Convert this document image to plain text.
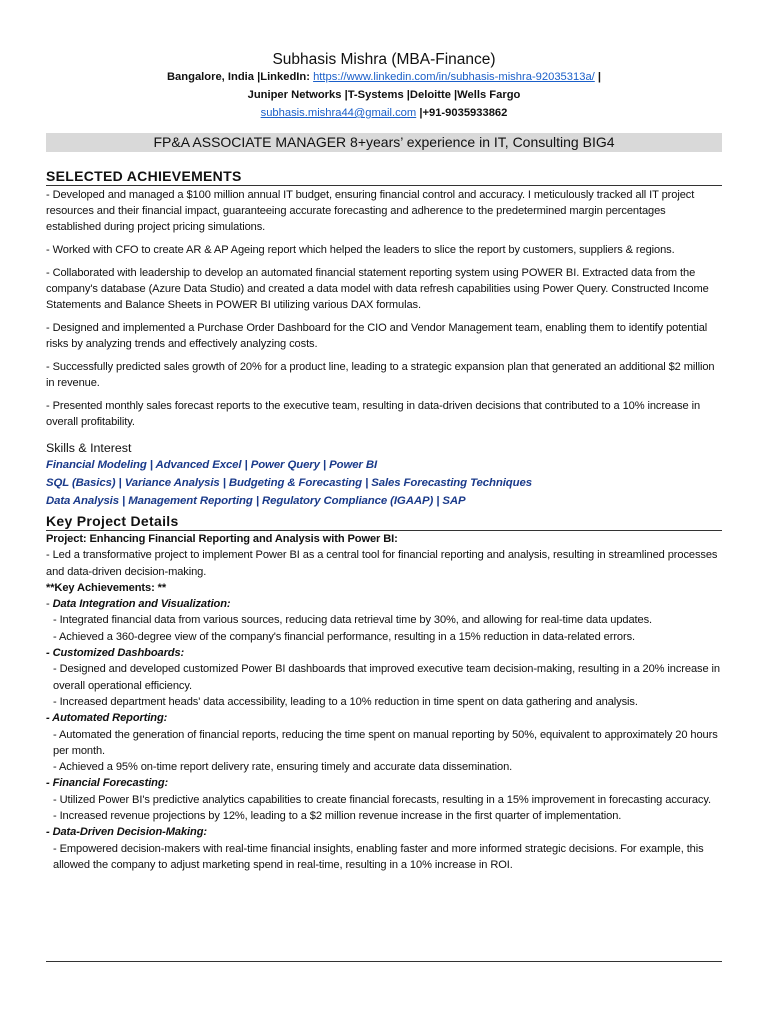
Subhasis Mishra (MBA-Finance)
Bangalore, India |LinkedIn: https://www.linkedin.com/in/subhasis-mishra-92035313a/ |
Juniper Networks |T-Systems |Deloitte |Wells Fargo
subhasis.mishra44@gmail.com |+91-9035933862
FP&A ASSOCIATE MANAGER 8+years’ experience in IT, Consulting BIG4
SELECTED ACHIEVEMENTS

- Developed and managed a $100 million annual IT budget, ensuring financial control and accuracy. I meticulously tracked all IT project resources and their financial impact, guaranteeing accurate forecasting and adherence to the predetermined margin percentages established during project pricing simulations.

- Worked with CFO to create AR & AP Ageing report which helped the leaders to slice the report by customers, suppliers & regions.

- Collaborated with leadership to develop an automated financial statement reporting system using POWER BI. Extracted data from the company's database (Azure Data Studio) and created a data model with data refresh capabilities using Power Query. Constructed Income Statements and Balance Sheets in POWER BI utilizing various DAX formulas.

- Designed and implemented a Purchase Order Dashboard for the CIO and Vendor Management team, enabling them to identify potential risks by analyzing trends and effectively analyzing costs.

- Successfully predicted sales growth of 20% for a product line, leading to a strategic expansion plan that generated an additional $2 million in revenue.

- Presented monthly sales forecast reports to the executive team, resulting in data-driven decisions that contributed to a 10% increase in overall profitability.

Skills & Interest
Financial Modeling | Advanced Excel | Power Query | Power BI
SQL (Basics) | Variance Analysis | Budgeting & Forecasting | Sales Forecasting Techniques
Data Analysis | Management Reporting | Regulatory Compliance (IGAAP) | SAP
Key Project Details
Project: Enhancing Financial Reporting and Analysis with Power BI:
- Led a transformative project to implement Power BI as a central tool for financial reporting and analysis, resulting in streamlined processes and data-driven decision-making.
**Key Achievements: **
- Data Integration and Visualization:
- Integrated financial data from various sources, reducing data retrieval time by 30%, and allowing for real-time data updates.
- Achieved a 360-degree view of the company's financial performance, resulting in a 15% reduction in data-related errors.
- Customized Dashboards:
- Designed and developed customized Power BI dashboards that improved executive team decision-making, resulting in a 20% increase in overall operational efficiency.
- Increased department heads' data accessibility, leading to a 10% reduction in time spent on data gathering and analysis.
- Automated Reporting:
- Automated the generation of financial reports, reducing the time spent on manual reporting by 50%, equivalent to approximately 20 hours per month.
- Achieved a 95% on-time report delivery rate, ensuring timely and accurate data dissemination.
- Financial Forecasting:
- Utilized Power BI's predictive analytics capabilities to create financial forecasts, resulting in a 15% improvement in forecasting accuracy.
- Increased revenue projections by 12%, leading to a $2 million revenue increase in the first quarter of implementation.
- Data-Driven Decision-Making:
- Empowered decision-makers with real-time financial insights, enabling faster and more informed strategic decisions. For example, this allowed the company to adjust marketing spend in real-time, resulting in a 10% increase in ROI.
